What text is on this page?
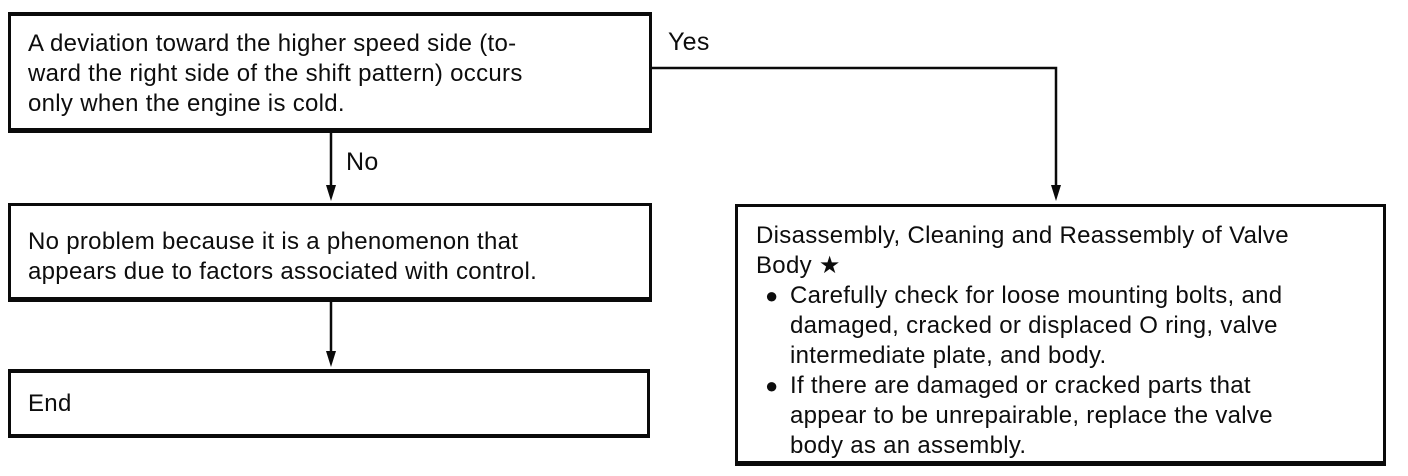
A deviation toward the higher speed side (to-
ward the right side of the shift pattern) occurs
only when the engine is cold.
Yes
No
No problem because it is a phenomenon that
appears due to factors associated with control.
End
Disassembly, Cleaning and Reassembly of Valve
Body ★
● Carefully check for loose mounting bolts, and
damaged, cracked or displaced O ring, valve
intermediate plate, and body.
● If there are damaged or cracked parts that
appear to be unrepairable, replace the valve
body as an assembly.
